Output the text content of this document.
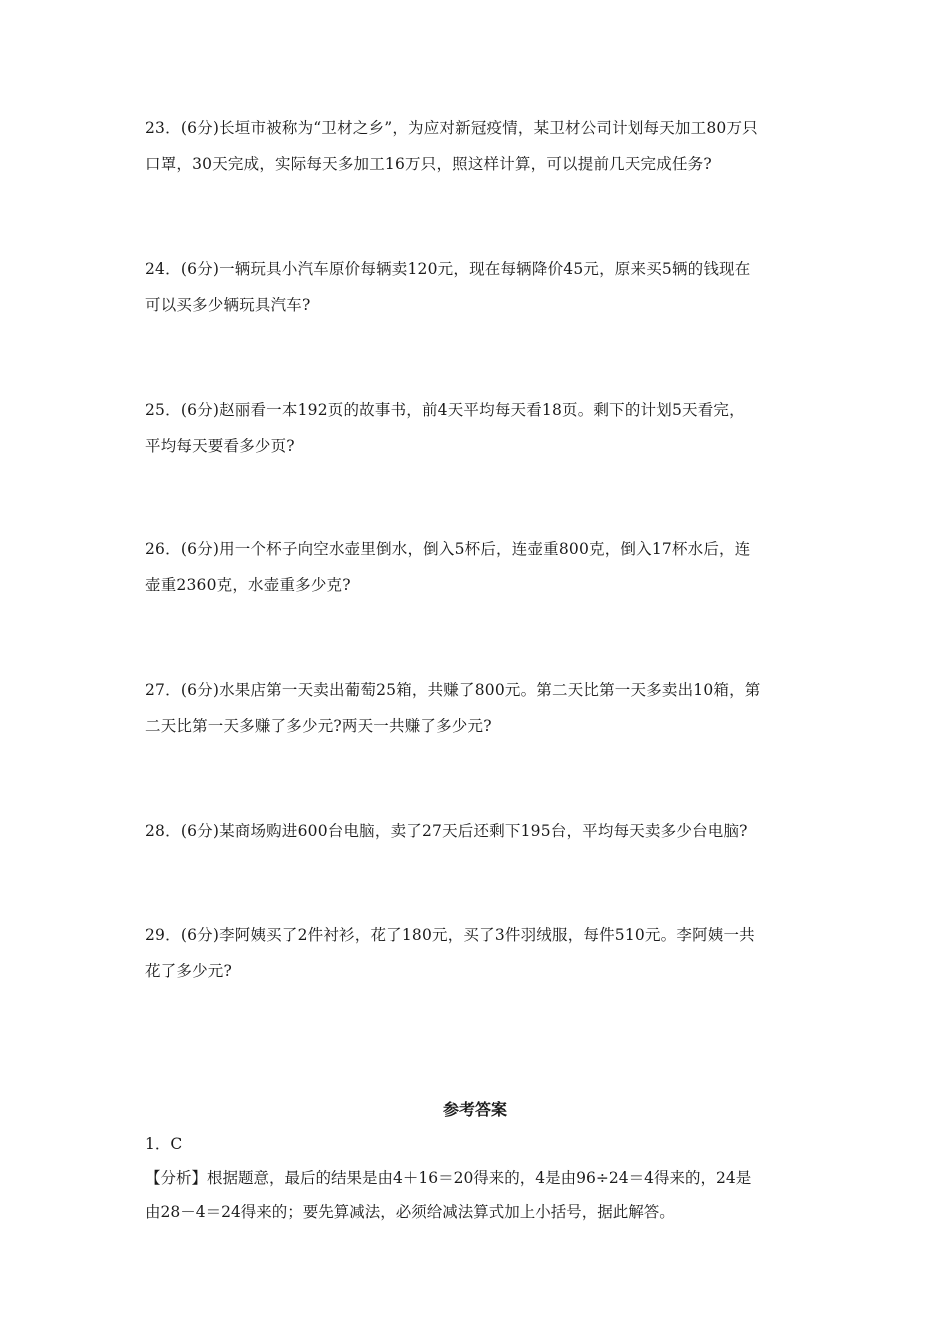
23．(6分)长垣市被称为“卫材之乡”，为应对新冠疫情，某卫材公司计划每天加工80万只

口罩，30天完成，实际每天多加工16万只，照这样计算，可以提前几天完成任务?

24．(6分)一辆玩具小汽车原价每辆卖120元，现在每辆降价45元，原来买5辆的钱现在

可以买多少辆玩具汽车?

25．(6分)赵丽看一本192页的故事书，前4天平均每天看18页。剩下的计划5天看完，

平均每天要看多少页?

26．(6分)用一个杯子向空水壶里倒水，倒入5杯后，连壶重800克，倒入17杯水后，连

壶重2360克，水壶重多少克?

27．(6分)水果店第一天卖出葡萄25箱，共赚了800元。第二天比第一天多卖出10箱，第

二天比第一天多赚了多少元?两天一共赚了多少元?

28．(6分)某商场购进600台电脑，卖了27天后还剩下195台，平均每天卖多少台电脑?

29．(6分)李阿姨买了2件衬衫，花了180元，买了3件羽绒服，每件510元。李阿姨一共

花了多少元?

参考答案

1．C

【分析】根据题意，最后的结果是由4＋16＝20得来的，4是由96÷24＝4得来的，24是

由28－4＝24得来的；要先算减法，必须给减法算式加上小括号，据此解答。
